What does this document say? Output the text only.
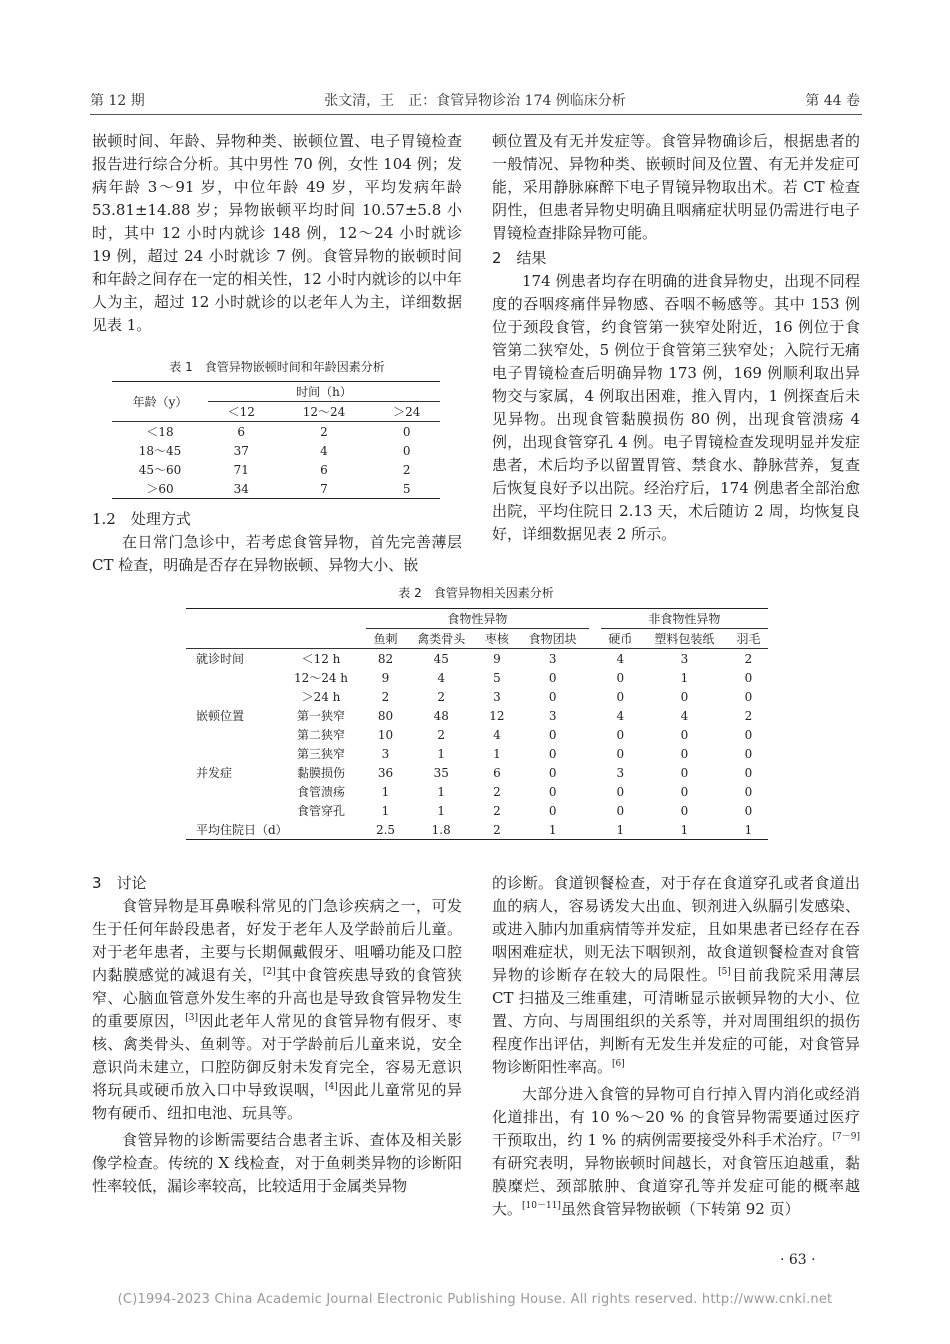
第 12 期	张文清，王　正：食管异物诊治 174 例临床分析	第 44 卷

嵌顿时间、年龄、异物种类、嵌顿位置、电子胃镜检查报告进行综合分析。其中男性 70 例，女性 104 例；发病年龄 3～91 岁，中位年龄 49 岁，平均发病年龄 53.81±14.88 岁；异物嵌顿平均时间 10.57±5.8 小时，其中 12 小时内就诊 148 例，12～24 小时就诊 19 例，超过 24 小时就诊 7 例。食管异物的嵌顿时间和年龄之间存在一定的相关性，12 小时内就诊的以中年人为主，超过 12 小时就诊的以老年人为主，详细数据见表 1。

表 1　食管异物嵌顿时间和年龄因素分析
年龄（y）	时间（h）		
	＜12	12～24	＞24
＜18	6	2	0
18～45	37	4	0
45～60	71	6	2
＞60	34	7	5

1.2　处理方式

在日常门急诊中，若考虑食管异物，首先完善薄层 CT 检查，明确是否存在异物嵌顿、异物大小、嵌

顿位置及有无并发症等。食管异物确诊后，根据患者的一般情况、异物种类、嵌顿时间及位置、有无并发症可能，采用静脉麻醉下电子胃镜异物取出术。若 CT 检查阴性，但患者异物史明确且咽痛症状明显仍需进行电子胃镜检查排除异物可能。

2　结果

174 例患者均存在明确的进食异物史，出现不同程度的吞咽疼痛伴异物感、吞咽不畅感等。其中 153 例位于颈段食管，约食管第一狭窄处附近，16 例位于食管第二狭窄处，5 例位于食管第三狭窄处；入院行无痛电子胃镜检查后明确异物 173 例，169 例顺利取出异物交与家属，4 例取出困难，推入胃内，1 例探查后未见异物。出现食管黏膜损伤 80 例，出现食管溃疡 4 例，出现食管穿孔 4 例。电子胃镜检查发现明显并发症患者，术后均予以留置胃管、禁食水、静脉营养，复查后恢复良好予以出院。经治疗后，174 例患者全部治愈出院，平均住院日 2.13 天，术后随访 2 周，均恢复良好，详细数据见表 2 所示。

表 2　食管异物相关因素分析
		食物性异物					非食物性异物		
		鱼刺	禽类骨头	枣核	食物团块		硬币	塑料包装纸	羽毛
就诊时间	＜12 h	82	45	9	3		4	3	2
	12～24 h	9	4	5	0		0	1	0
	＞24 h	2	2	3	0		0	0	0
嵌顿位置	第一狭窄	80	48	12	3		4	4	2
	第二狭窄	10	2	4	0		0	0	0
	第三狭窄	3	1	1	0		0	0	0
并发症	黏膜损伤	36	35	6	0		3	0	0
	食管溃疡	1	1	2	0		0	0	0
	食管穿孔	1	1	2	0		0	0	0
平均住院日（d）		2.5	1.8	2	1		1	1	1

3　讨论

食管异物是耳鼻喉科常见的门急诊疾病之一，可发生于任何年龄段患者，好发于老年人及学龄前后儿童。对于老年患者，主要与长期佩戴假牙、咀嚼功能及口腔内黏膜感觉的减退有关，[2]其中食管疾患导致的食管狭窄、心脑血管意外发生率的升高也是导致食管异物发生的重要原因，[3]因此老年人常见的食管异物有假牙、枣核、禽类骨头、鱼刺等。对于学龄前后儿童来说，安全意识尚未建立，口腔防御反射未发育完全，容易无意识将玩具或硬币放入口中导致误咽，[4]因此儿童常见的异物有硬币、纽扣电池、玩具等。

食管异物的诊断需要结合患者主诉、查体及相关影像学检查。传统的 X 线检查，对于鱼刺类异物的诊断阳性率较低，漏诊率较高，比较适用于金属类异物

的诊断。食道钡餐检查，对于存在食道穿孔或者食道出血的病人，容易诱发大出血、钡剂进入纵膈引发感染、或进入肺内加重病情等并发症，且如果患者已经存在吞咽困难症状，则无法下咽钡剂，故食道钡餐检查对食管异物的诊断存在较大的局限性。[5]目前我院采用薄层 CT 扫描及三维重建，可清晰显示嵌顿异物的大小、位置、方向、与周围组织的关系等，并对周围组织的损伤程度作出评估，判断有无发生并发症的可能，对食管异物诊断阳性率高。[6]

大部分进入食管的异物可自行掉入胃内消化或经消化道排出，有 10 %～20 % 的食管异物需要通过医疗干预取出，约 1 % 的病例需要接受外科手术治疗。[7－9]有研究表明，异物嵌顿时间越长，对食管压迫越重，黏膜糜烂、颈部脓肿、食道穿孔等并发症可能的概率越大。[10－11]虽然食管异物嵌顿（下转第 92 页）

· 63 ·
(C)1994-2023 China Academic Journal Electronic Publishing House. All rights reserved. http://www.cnki.net
